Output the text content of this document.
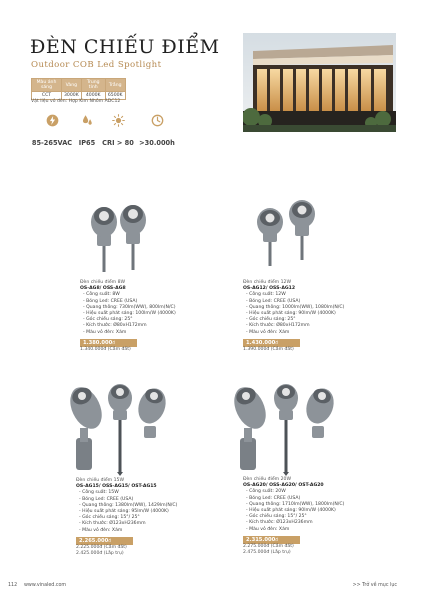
ĐÈN CHIẾU ĐIỂM
Outdoor COB Led Spotlight
Màu ánh sáng	Vàng	Trung tính	Trắng
CCT	3000K	4000K	6500K
Vật liệu vỏ đèn: Hợp Kim Nhôm ADC12
85-265VAC	IP65	CRI > 80 >30.000h
Đèn chiếu điểm 8W
OS-AG8/ OSS-AG8
- Công suất: 8W
- Bóng Led: CREE (USA)
- Quang thông: 730lm(WW), 800lm(N/C)
- Hiệu suất phát sáng: 100lm/W (4000K)
- Góc chiếu sáng: 25°
- Kích thước: Ø80xH172mm
- Màu vỏ đèn: Xám
1.380.000đ
1.340.000đ (Cắm đất)
Đèn chiếu điểm 12W
OS-AG12/ OSS-AG12
- Công suất: 12W
- Bóng Led: CREE (USA)
- Quang thông: 1000lm(WW), 1080lm(N/C)
- Hiệu suất phát sáng: 90lm/W (4000K)
- Góc chiếu sáng: 25°
- Kích thước: Ø80xH172mm
- Màu vỏ đèn: Xám
1.430.000đ
1.390.000đ (Cắm đất)
Đèn chiếu điểm 15W
OS-AG15/ OSS-AG15/ OST-AG15
- Công suất: 15W
- Bóng Led: CREE (USA)
- Quang thông: 1380lm(WW), 1429lm(N/C)
- Hiệu suất phát sáng: 95lm/W (4000K)
- Góc chiếu sáng: 15°/ 25°
- Kích thước: Ø123xH236mm
- Màu vỏ đèn: Xám
2.265.000đ
2.225.000đ (Cắm đất)
2.425.000đ (Lắp trụ)
Đèn chiếu điểm 20W
OS-AG20/ OSS-AG20/ OST-AG20
- Công suất: 20W
- Bóng Led: CREE (USA)
- Quang thông: 1710lm(WW), 1800lm(N/C)
- Hiệu suất phát sáng: 90lm/W (4000K)
- Góc chiếu sáng: 15°/ 25°
- Kích thước: Ø123xH236mm
- Màu vỏ đèn: Xám
2.315.000đ
2.275.000đ (Cắm đất)
2.475.000đ (Lắp trụ)
112 www.vinaled.com	>> Trở về mục lục
